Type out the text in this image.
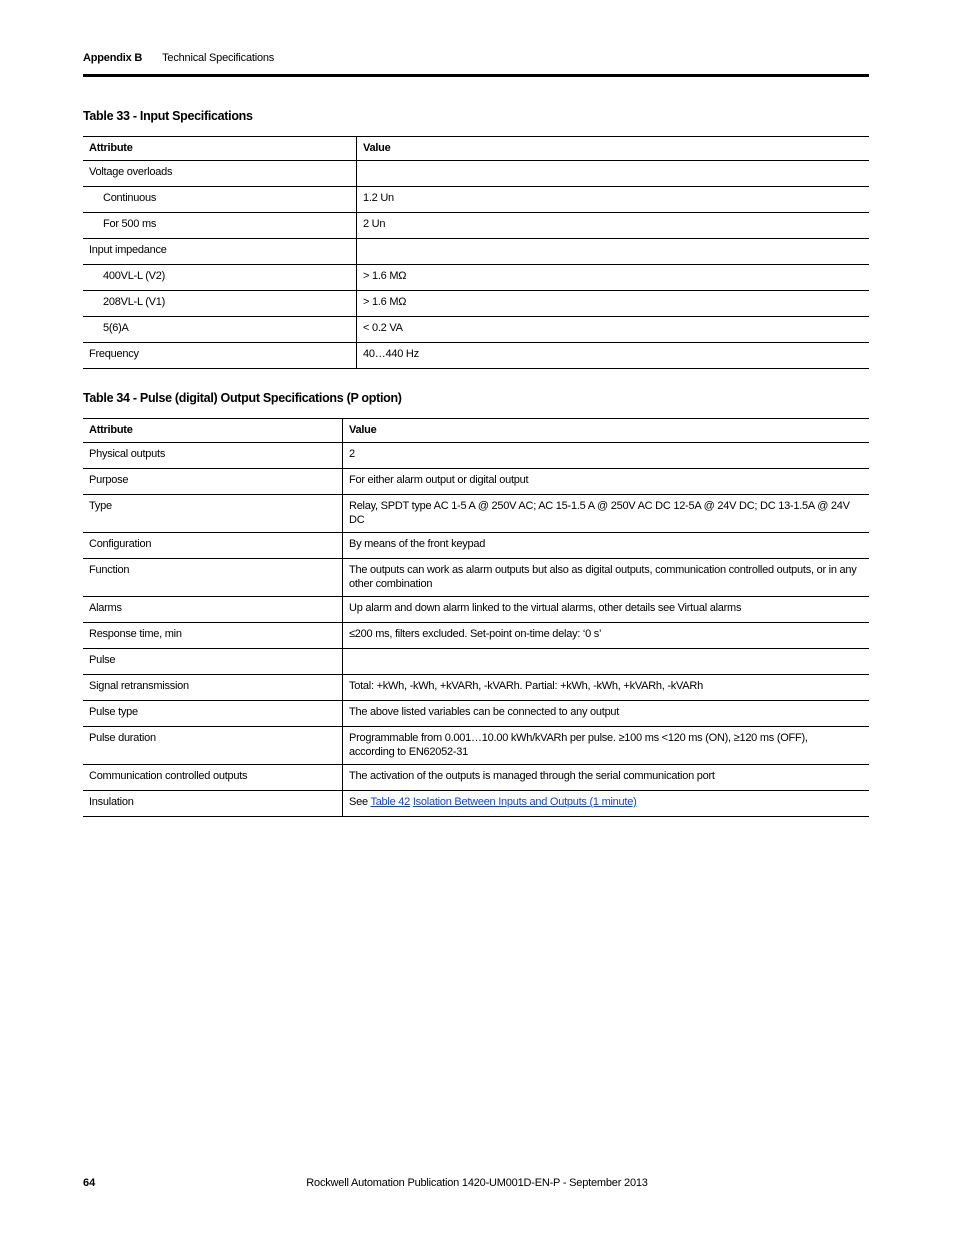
Appendix B Technical Specifications
Table 33 - Input Specifications
Attribute	Value
Voltage overloads	
Continuous	1.2 Un
For 500 ms	2 Un
Input impedance	
400VL-L (V2)	> 1.6 MΩ
208VL-L (V1)	> 1.6 MΩ
5(6)A	< 0.2 VA
Frequency	40…440 Hz
Table 34 - Pulse (digital) Output Specifications (P option)
Attribute	Value
Physical outputs	2
Purpose	For either alarm output or digital output
Type	Relay, SPDT type AC 1-5 A @ 250V AC; AC 15-1.5 A @ 250V AC DC 12-5A @ 24V DC; DC 13-1.5A @ 24V DC
Configuration	By means of the front keypad
Function	The outputs can work as alarm outputs but also as digital outputs, communication controlled outputs, or in any other combination
Alarms	Up alarm and down alarm linked to the virtual alarms, other details see Virtual alarms
Response time, min	≤200 ms, filters excluded. Set-point on-time delay: ‘0 s’
Pulse	
Signal retransmission	Total: +kWh, -kWh, +kVARh, -kVARh. Partial: +kWh, -kWh, +kVARh, -kVARh
Pulse type	The above listed variables can be connected to any output
Pulse duration	Programmable from 0.001…10.00 kWh/kVARh per pulse. ≥100 ms <120 ms (ON), ≥120 ms (OFF),
according to EN62052-31
Communication controlled outputs	The activation of the outputs is managed through the serial communication port
Insulation	See Table 42 Isolation Between Inputs and Outputs (1 minute)
64	Rockwell Automation Publication 1420-UM001D-EN-P - September 2013
